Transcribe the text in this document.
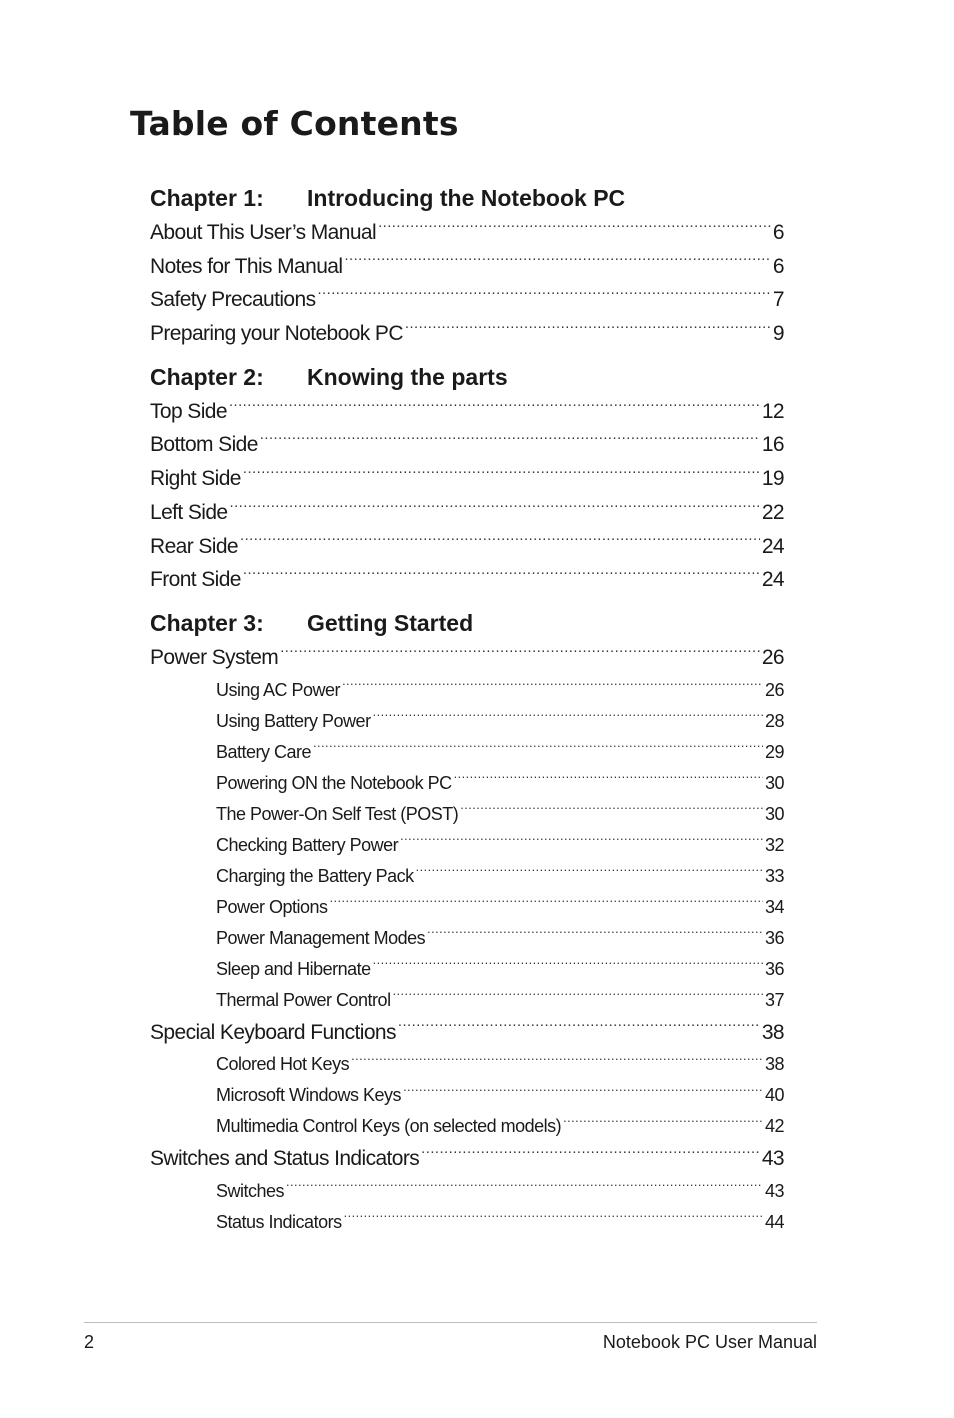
Table of Contents
Chapter 1:	Introducing the Notebook PC
About This User’s Manual .....	6
Notes for This Manual .....	6
Safety Precautions .....	7
Preparing your Notebook PC .....	9
Chapter 2:	Knowing the parts
Top Side .....	12
Bottom Side .....	16
Right Side .....	19
Left Side .....	22
Rear Side .....	24
Front Side .....	24
Chapter 3:	Getting Started
Power System .....	26
Using AC Power .....	26
Using Battery Power .....	28
Battery Care .....	29
Powering ON the Notebook PC .....	30
The Power-On Self Test (POST) .....	30
Checking Battery Power .....	32
Charging the Battery Pack .....	33
Power Options .....	34
Power Management Modes .....	36
Sleep and Hibernate .....	36
Thermal Power Control .....	37
Special Keyboard Functions .....	38
Colored Hot Keys .....	38
Microsoft Windows Keys .....	40
Multimedia Control Keys (on selected models) .....	42
Switches and Status Indicators .....	43
Switches .....	43
Status Indicators .....	44
2	Notebook PC User Manual
